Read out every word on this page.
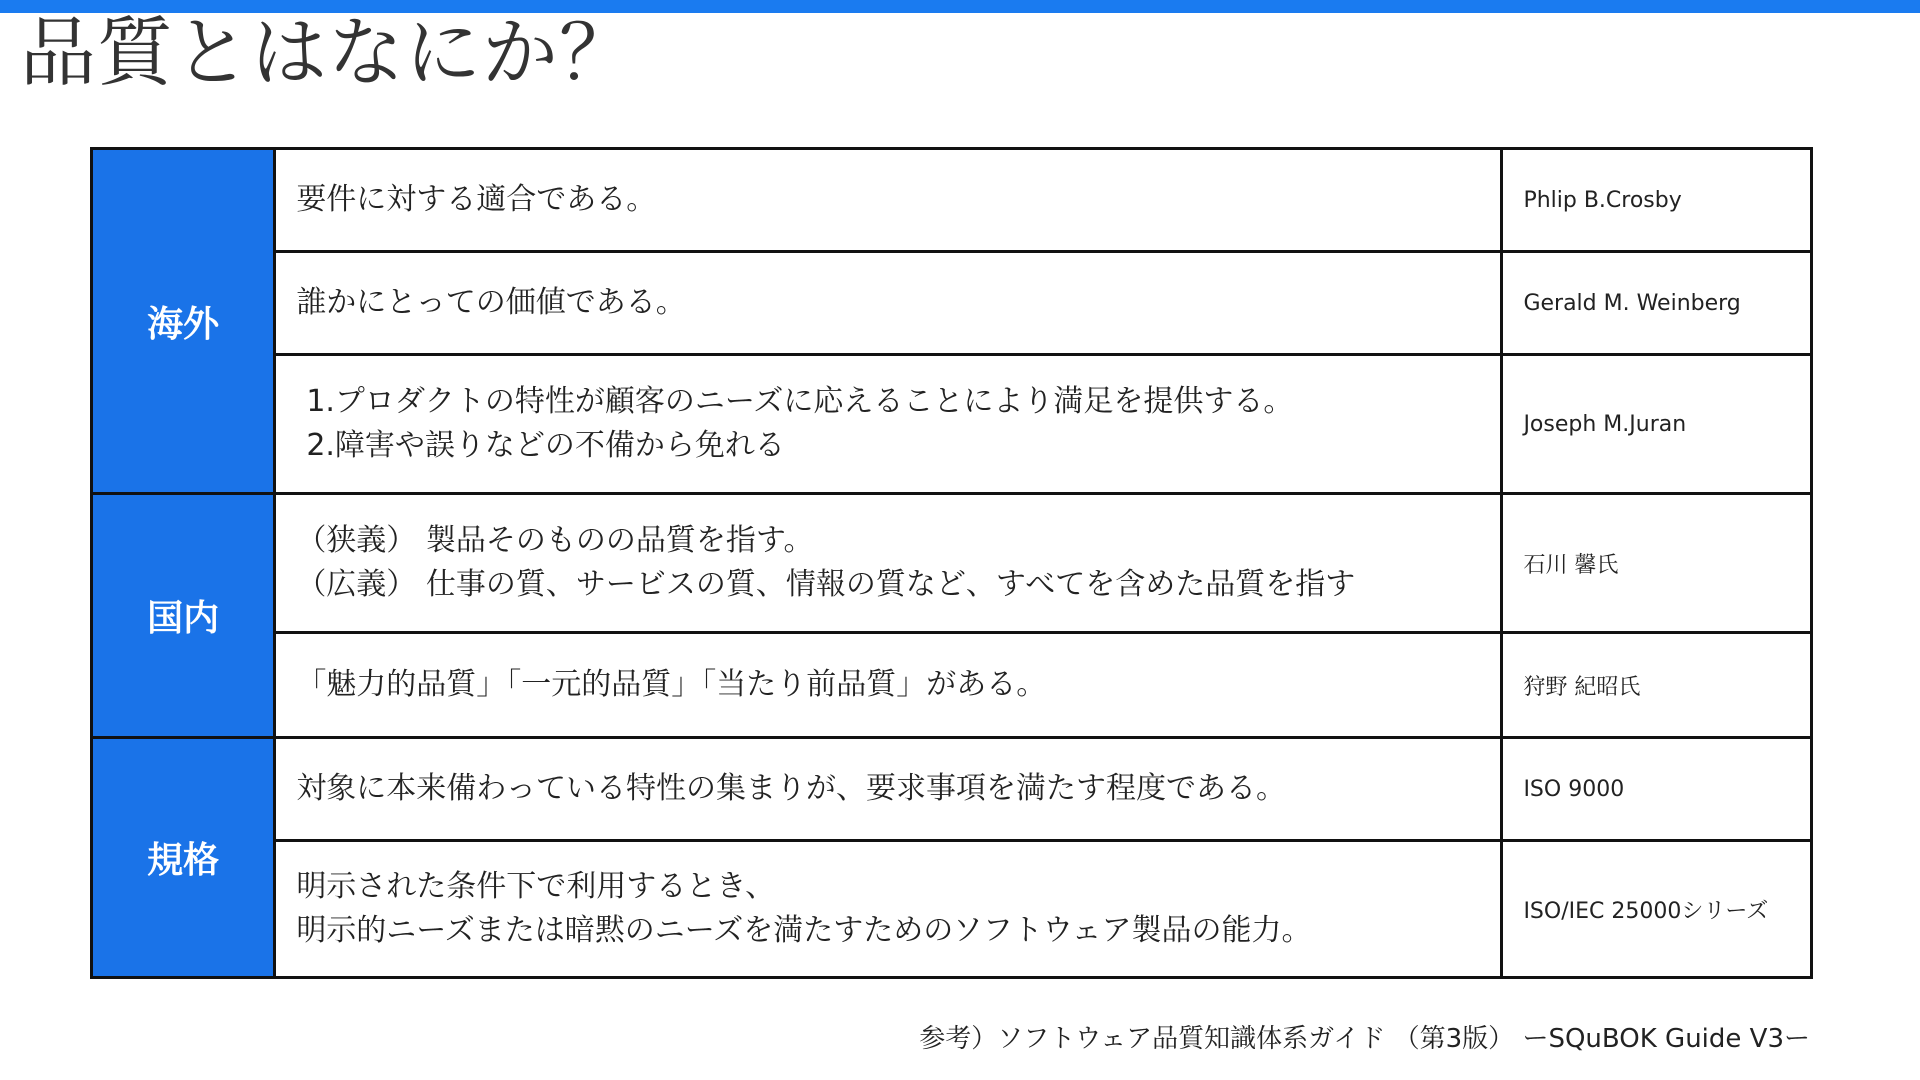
品質とはなにか？
海外	要件に対する適合である。	Phlip B.Crosby

	誰かにとっての価値である。	Gerald M. Weinberg

	1.プロダクトの特性が顧客のニーズに応えることにより満足を提供する。
2.障害や誤りなどの不備から免れる	Joseph M.Juran
国内	（狭義） 製品そのものの品質を指す。
（広義） 仕事の質、サービスの質、情報の質など、すべてを含めた品質を指す	石川 馨氏

	「魅力的品質」「一元的品質」「当たり前品質」がある。	狩野 紀昭氏
規格	対象に本来備わっている特性の集まりが、要求事項を満たす程度である。	ISO 9000

	明示された条件下で利用するとき、
明示的ニーズまたは暗黙のニーズを満たすためのソフトウェア製品の能力。	ISO/IEC 25000シリーズ
参考）ソフトウェア品質知識体系ガイド （第3版） ーSQuBOK Guide V3ー
